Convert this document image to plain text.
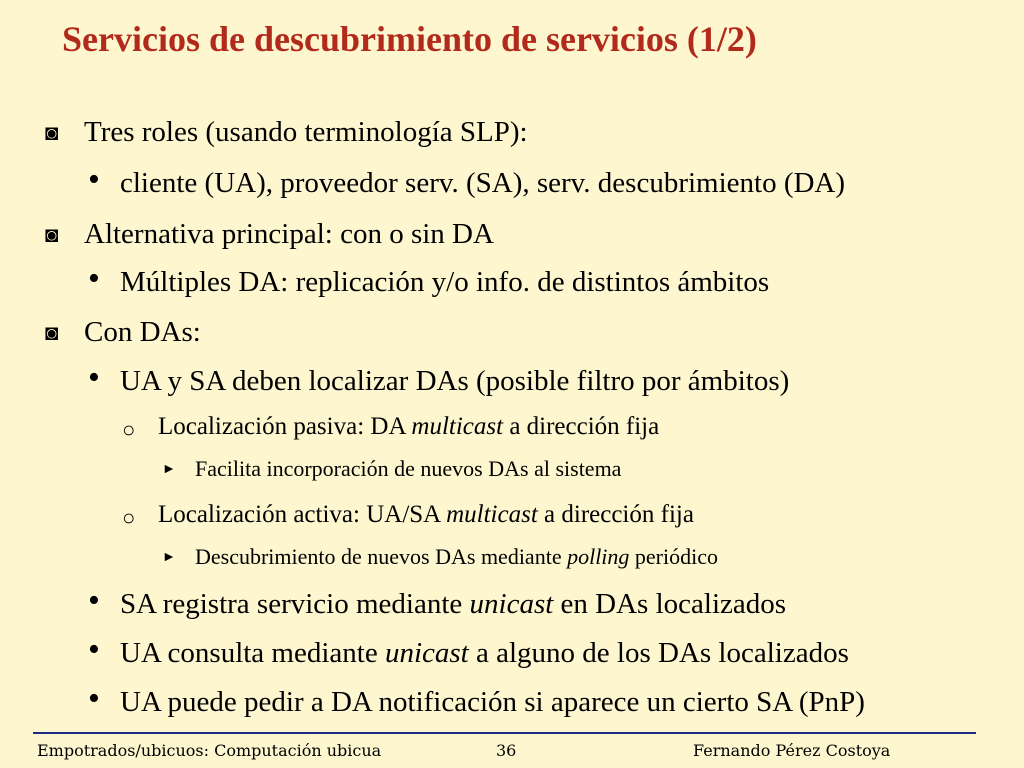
Servicios de descubrimiento de servicios (1/2)
◙ Tres roles (usando terminología SLP):
• cliente (UA), proveedor serv. (SA), serv. descubrimiento (DA)
◙ Alternativa principal: con o sin DA
• Múltiples DA: replicación y/o info. de distintos ámbitos
◙ Con DAs:
• UA y SA deben localizar DAs (posible filtro por ámbitos)
○ Localización pasiva: DA multicast a dirección fija
► Facilita incorporación de nuevos DAs al sistema
○ Localización activa: UA/SA multicast a dirección fija
► Descubrimiento de nuevos DAs mediante polling periódico
• SA registra servicio mediante unicast en DAs localizados
• UA consulta mediante unicast a alguno de los DAs localizados
• UA puede pedir a DA notificación si aparece un cierto SA (PnP)
Empotrados/ubicuos: Computación ubicua	36	Fernando Pérez Costoya
